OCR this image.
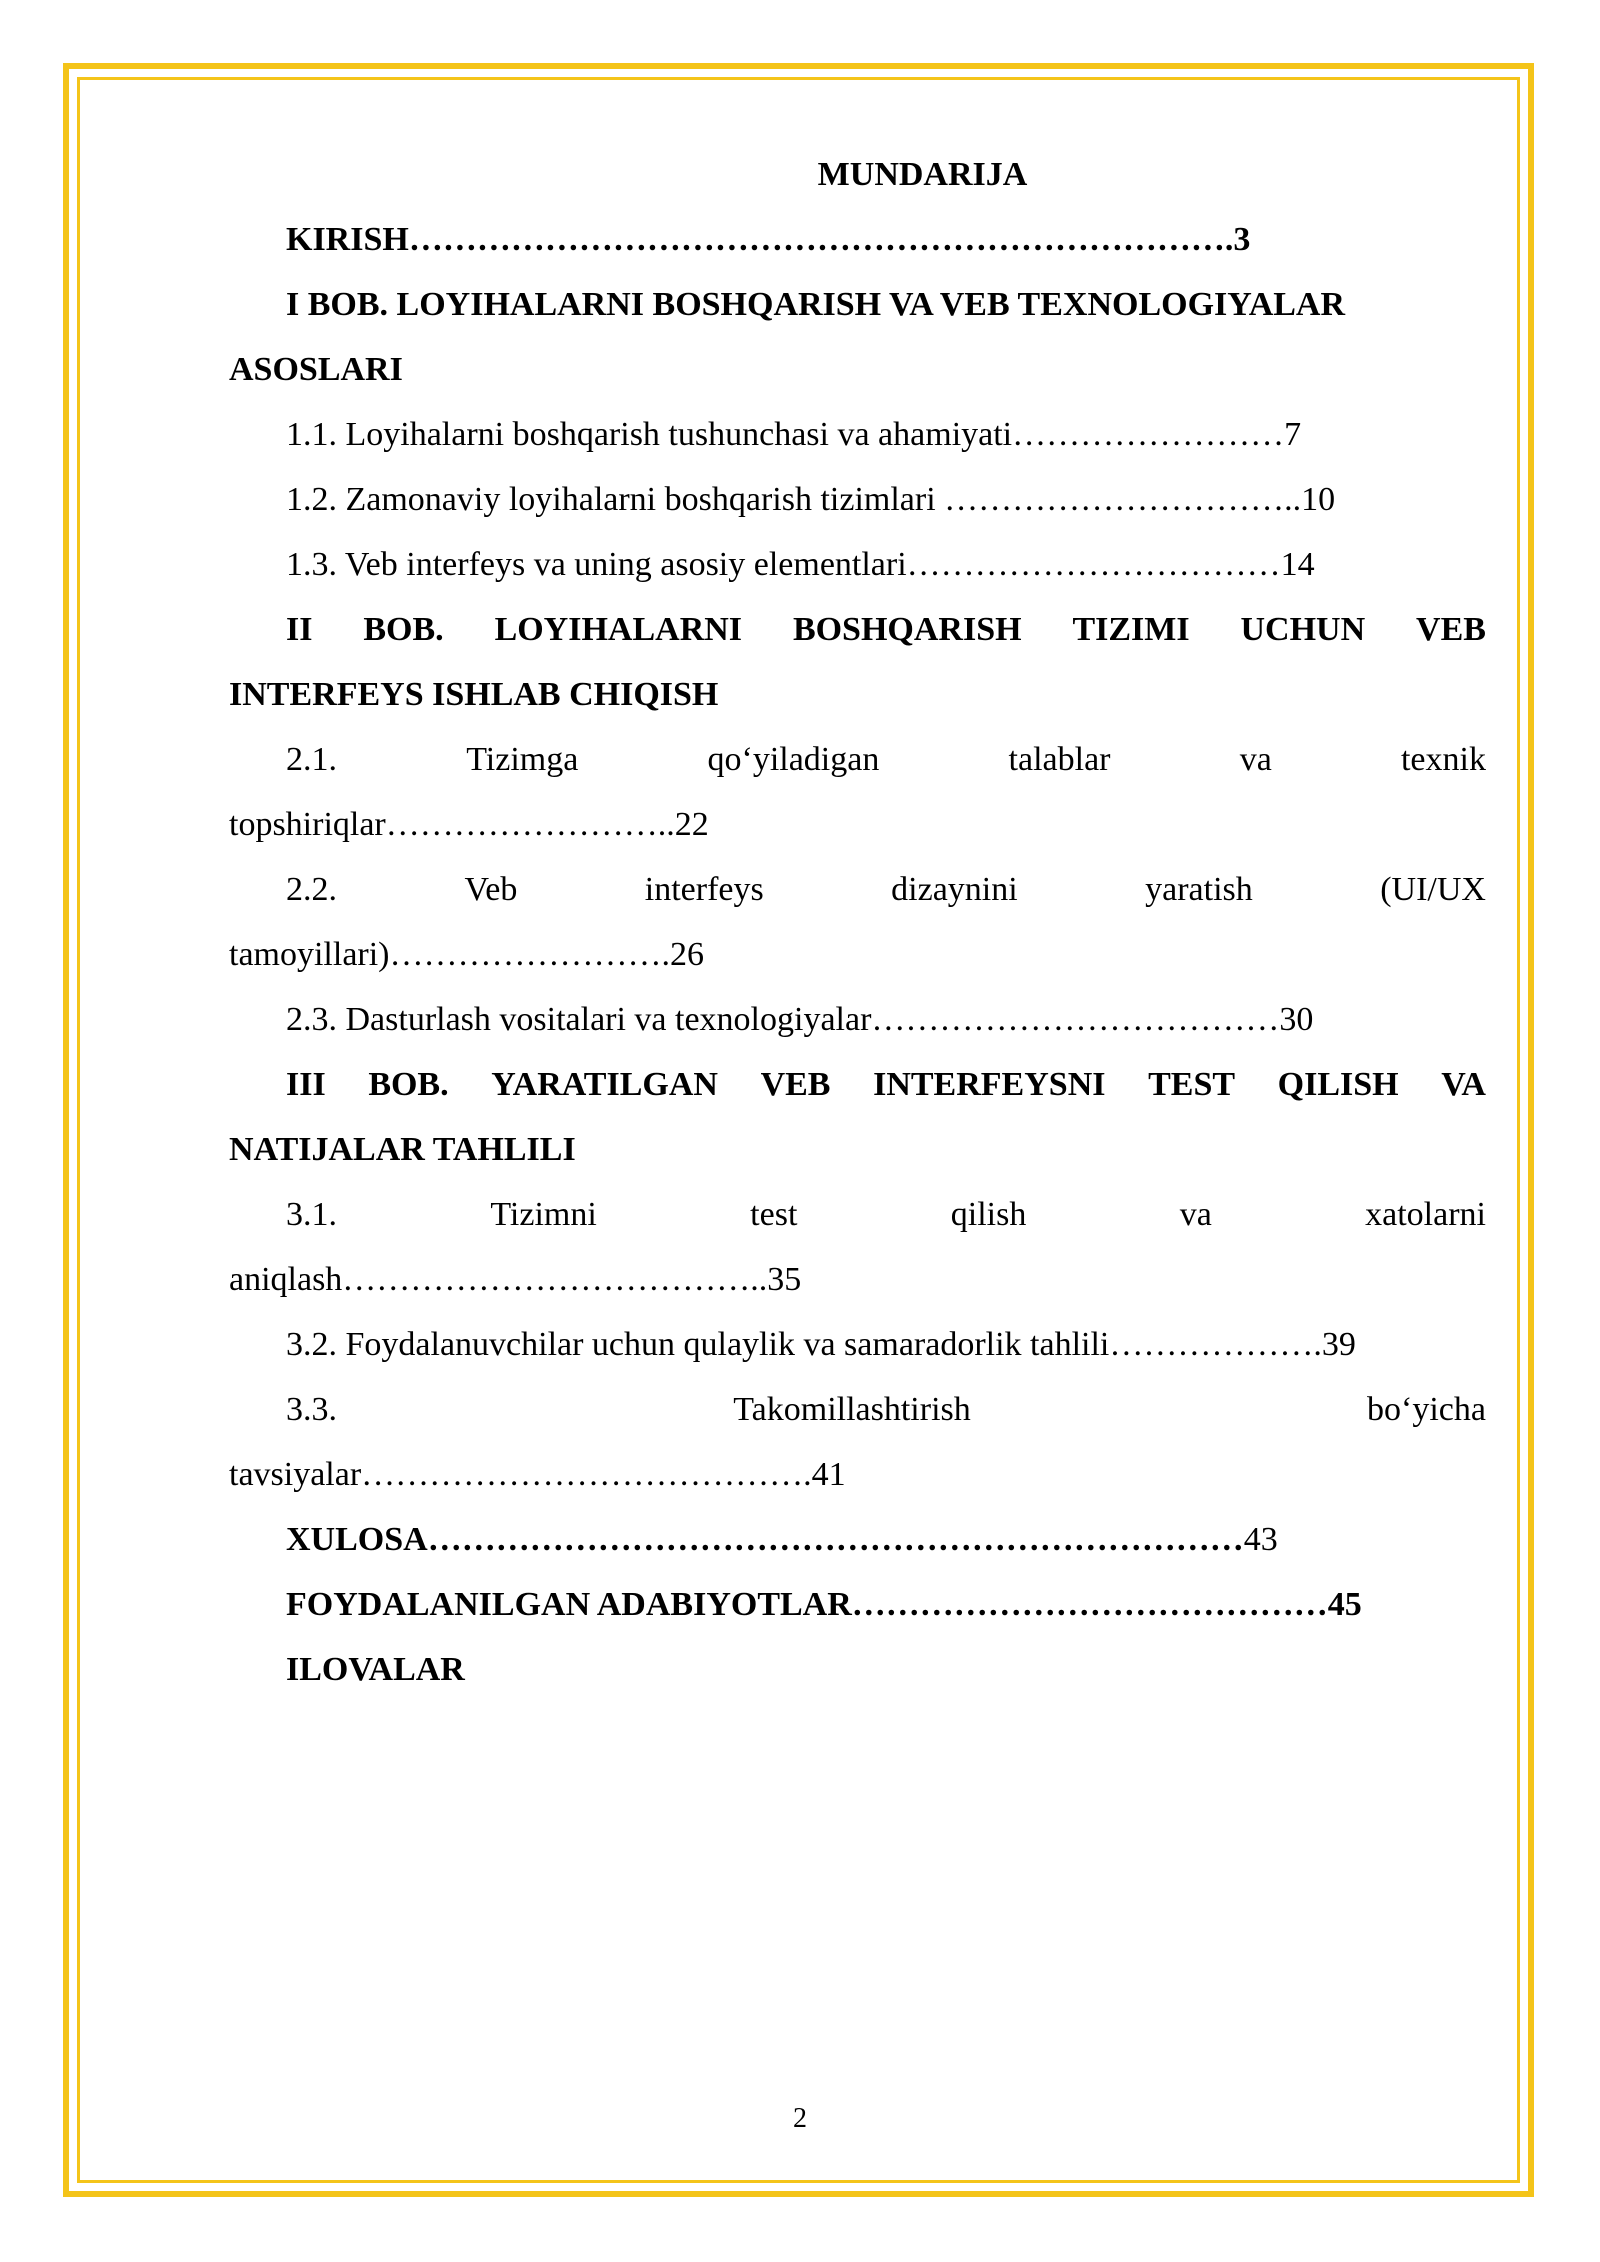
MUNDARIJA
KIRISH……………………………………………………………….3
I BOB. LOYIHALARNI BOSHQARISH VA VEB TEXNOLOGIYALAR
ASOSLARI
1.1. Loyihalarni boshqarish tushunchasi va ahamiyati……………………7
1.2. Zamonaviy loyihalarni boshqarish tizimlari …………………………..10
1.3. Veb interfeys va uning asosiy elementlari……………………………14
II BOB. LOYIHALARNI BOSHQARISH TIZIMI UCHUN VEB
INTERFEYS ISHLAB CHIQISH
2.1.	Tizimga	qo‘yiladigan	talablar	va	texnik
topshiriqlar……………………..22
2.2.	Veb	interfeys	dizaynini	yaratish	(UI/UX
tamoyillari)…………………….26
2.3. Dasturlash vositalari va texnologiyalar………………………………30
III BOB. YARATILGAN VEB INTERFEYSNI TEST QILISH VA
NATIJALAR TAHLILI
3.1.	Tizimni	test	qilish	va	xatolarni
aniqlash………………………………..35
3.2. Foydalanuvchilar uchun qulaylik va samaradorlik tahlili……………….39
3.3.	Takomillashtirish	bo‘yicha
tavsiyalar………………………………….41
XULOSA………………………………………………………………43
FOYDALANILGAN ADABIYOTLAR……………………………………45
ILOVALAR
2
